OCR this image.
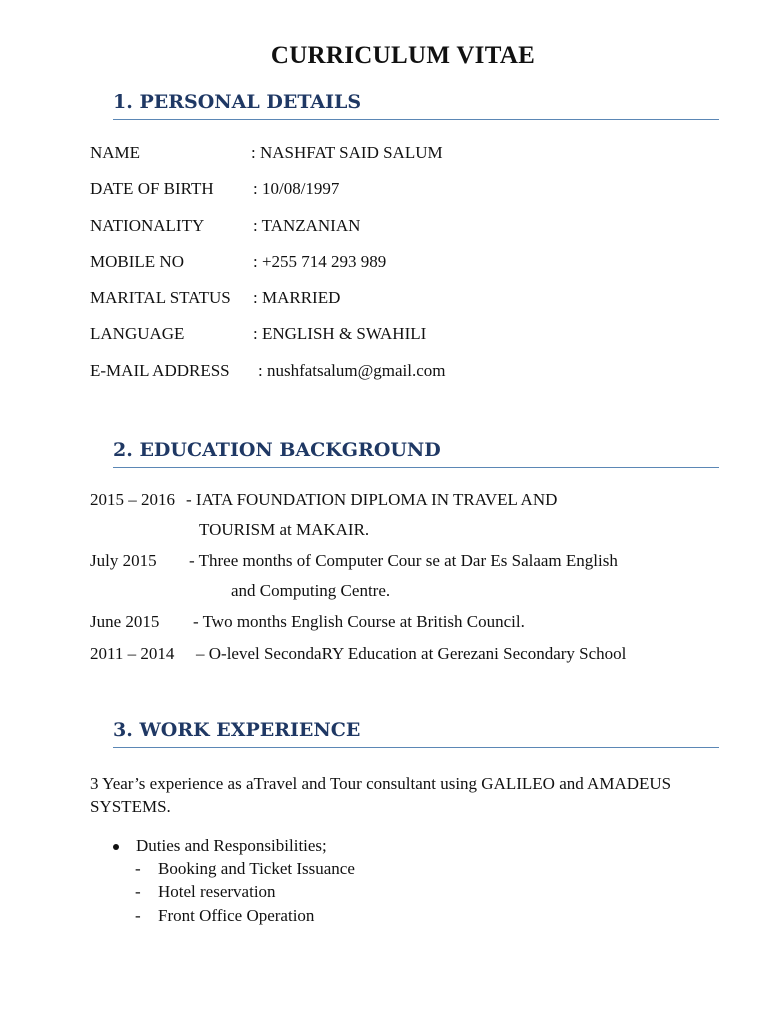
CURRICULUM VITAE
1. PERSONAL DETAILS
NAME	: NASHFAT SAID SALUM
DATE OF BIRTH : 10/08/1997
NATIONALITY	: TANZANIAN
MOBILE NO	: +255 714 293 989
MARITAL STATUS : MARRIED
LANGUAGE	: ENGLISH & SWAHILI
E-MAIL ADDRESS : nushfatsalum@gmail.com
2. EDUCATION BACKGROUND
2015 – 2016 - IATA FOUNDATION DIPLOMA IN TRAVEL AND
TOURISM at MAKAIR.
July 2015 - Three months of Computer Cour se at Dar Es Salaam English
and Computing Centre.
June 2015 - Two months English Course at British Council.
2011 – 2014 – O-level SecondaRY Education at Gerezani Secondary School
3. WORK EXPERIENCE
3 Year’s experience as aTravel and Tour consultant using GALILEO and AMADEUS SYSTEMS.
Duties and Responsibilities;
- Booking and Ticket Issuance
- Hotel reservation
- Front Office Operation
